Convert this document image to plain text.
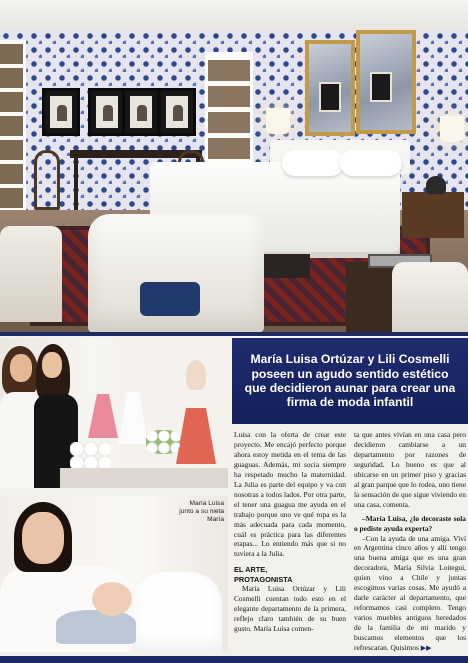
María Luisa Ortúzar y Lili Cosmelli poseen un agudo sentido estético que decidieron aunar para crear una firma de moda infantil
María Luisa
junto a su nieta
María

Luisa con la oferta de crear este proyecto. Me encajó perfecto porque ahora estoy metida en el tema de las guaguas. Además, mi socia siempre ha respetado mucho la maternidad. La Julia es parte del equipo y va con nosotras a todos lados. Por otra parte, el tener una guagua me ayuda en el trabajo porque uno ve qué ropa es la más adecuada para cada momento, cuál es práctica para las diferentes etapas... Lo entiendo más que si no tuviera a la Julia.

EL ARTE,
PROTAGONISTA

María Luisa Ortúzar y Lili Cosmelli cuentan todo esto en el elegante departamento de la primera, reflejo claro también de su buen gusto. María Luisa comen-

ta que antes vivían en una casa pero decidieron cambiarse a un departamento por razones de seguridad. Lo bueno es que al ubicarse en un primer piso y gracias al gran parque que lo rodea, uno tiene la sensación de que sigue viviendo en una casa, comenta.

–María Luisa, ¿lo decoraste sola o pediste ayuda experta?

–Con la ayuda de una amiga. Viví en Argentina cinco años y allí tengo una buena amiga que es una gran decoradora, María Silvia Loitegui, quien vino a Chile y juntas escogimos varias cosas. Me ayudó a darle carácter al departamento, que reformamos casi completo. Tengo varios muebles antiguos heredados de la familia de mi marido y buscamos elementos que los refrescaran. Quisimos ▶▶
